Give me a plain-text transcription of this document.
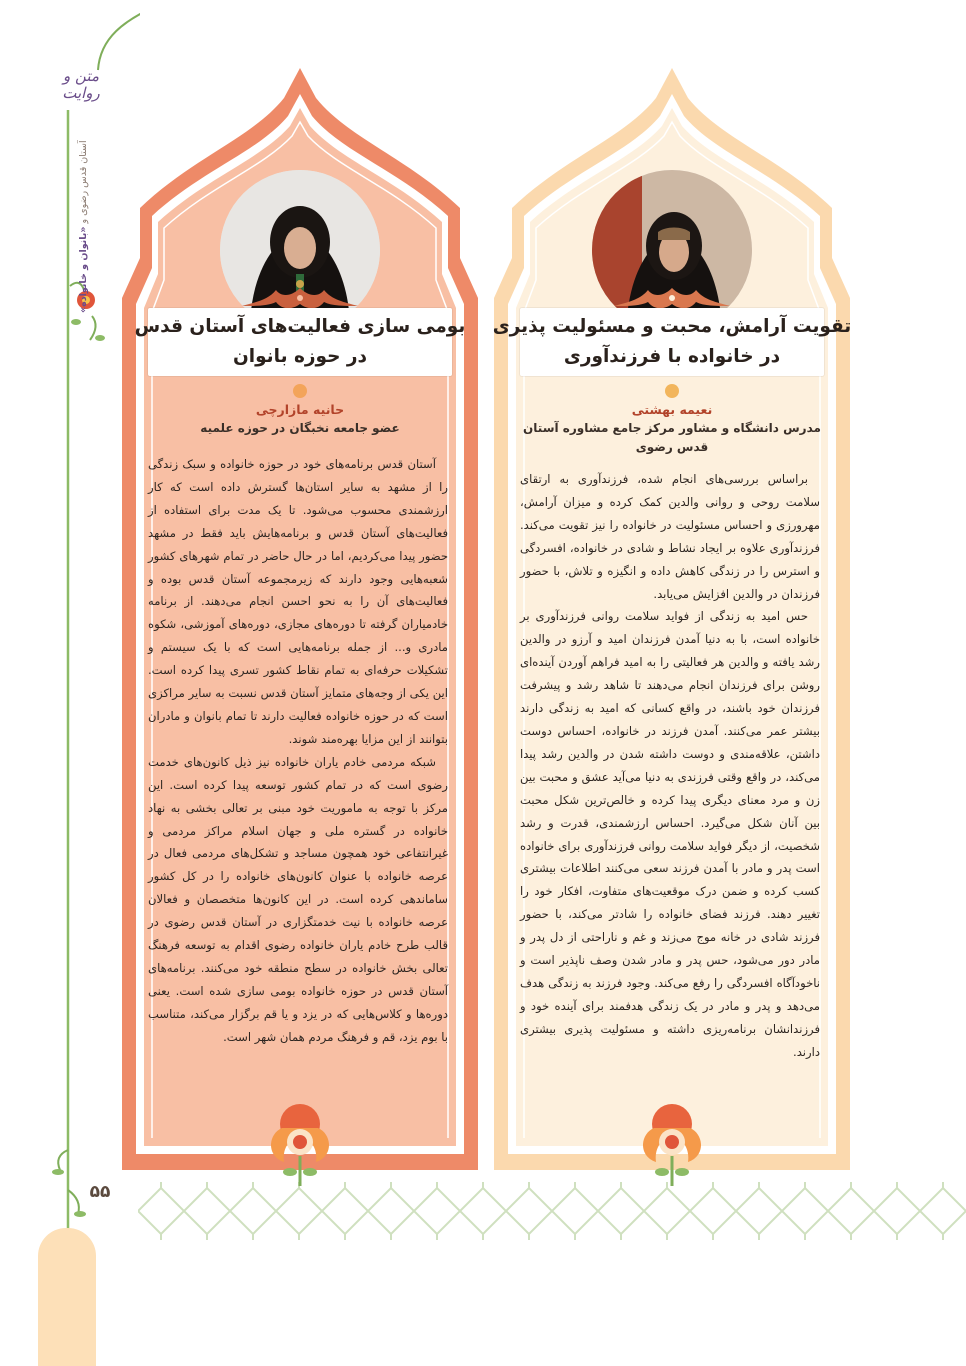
متن و روایت
آستان قدس رضوی و «بانوان و خانواده»
۵۵
بومی سازی فعالیت‌های آستان قدس
در حوزه بانوان
حانیه مازارچی
عضو جامعه نخبگان در حوزه علمیه

آستان قدس برنامه‌های خود در حوزه خانواده و سبک زندگی را از مشهد به سایر استان‌ها گسترش داده است که کار ارزشمندی محسوب می‌شود. تا یک مدت برای استفاده از فعالیت‌های آستان قدس و برنامه‌هایش باید فقط در مشهد حضور پیدا می‌کردیم، اما در حال حاضر در تمام شهرهای کشور شعبه‌هایی وجود دارند که زیرمجموعه آستان قدس بوده و فعالیت‌های آن را به نحو احسن انجام می‌دهند. از برنامه خادمیاران گرفته تا دوره‌های مجازی، دوره‌های آموزشی، شکوه مادری و... از جمله برنامه‌هایی است که با یک سیستم و تشکیلات حرفه‌ای به تمام نقاط کشور تسری پیدا کرده است. این یکی از وجه‌های متمایز آستان قدس نسبت به سایر مراکزی است که در حوزه خانواده فعالیت دارند تا تمام بانوان و مادران بتوانند از این مزایا بهره‌مند شوند.

شبکه مردمی خادم یاران خانواده نیز ذیل کانون‌های خدمت رضوی است که در تمام کشور توسعه پیدا کرده است. این مرکز با توجه به ماموریت خود مبنی بر تعالی بخشی به نهاد خانواده در گستره ملی و جهان اسلام مراکز مردمی و غیرانتفاعی خود همچون مساجد و تشکل‌های مردمی فعال در عرصه خانواده با عنوان کانون‌های خانواده را در کل کشور ساماندهی کرده است. در این کانون‌ها متخصصان و فعالان عرصه خانواده با نیت خدمتگزاری در آستان قدس رضوی در قالب طرح خادم یاران خانواده رضوی اقدام به توسعه فرهنگ تعالی بخش خانواده در سطح منطقه خود می‌کنند. برنامه‌های آستان قدس در حوزه خانواده بومی سازی شده است. یعنی دوره‌ها و کلاس‌هایی که در یزد و یا قم برگزار می‌کند، متناسب با بوم یزد، قم و فرهنگ مردم همان شهر است.

تقویت آرامش، محبت و مسئولیت پذیری
در خانواده با فرزندآوری
نعیمه بهشتی
مدرس دانشگاه و مشاور مرکز جامع مشاوره آستان قدس رضوی

براساس بررسی‌های انجام شده، فرزندآوری به ارتقای سلامت روحی و روانی والدین کمک کرده و میزان آرامش، مهرورزی و احساس مسئولیت در خانواده را نیز تقویت می‌کند. فرزندآوری علاوه بر ایجاد نشاط و شادی در خانواده، افسردگی و استرس را در زندگی کاهش داده و انگیزه و تلاش، با حضور فرزندان در والدین افزایش می‌یابد.

حس امید به زندگی از فواید سلامت روانی فرزندآوری بر خانواده است، با به دنیا آمدن فرزندان امید و آرزو در والدین رشد یافته و والدین هر فعالیتی را به امید فراهم آوردن آینده‌ای روشن برای فرزندان انجام می‌دهند تا شاهد رشد و پیشرفت فرزندان خود باشند، در واقع کسانی که امید به زندگی دارند بیشتر عمر می‌کنند. آمدن فرزند در خانواده، احساس دوست داشتن، علاقه‌مندی و دوست داشته شدن در والدین رشد پیدا می‌کند، در واقع وقتی فرزندی به دنیا می‌آید عشق و محبت بین زن و مرد معنای دیگری پیدا کرده و خالص‌ترین شکل محبت بین آنان شکل می‌گیرد. احساس ارزشمندی، قدرت و رشد شخصیت، از دیگر فواید سلامت روانی فرزندآوری برای خانواده است پدر و مادر با آمدن فرزند سعی می‌کنند اطلاعات بیشتری کسب کرده و ضمن درک موقعیت‌های متفاوت، افکار خود را تغییر دهند. فرزند فضای خانواده را شادتر می‌کند، با حضور فرزند شادی در خانه موج می‌زند و غم و ناراحتی از دل پدر و مادر دور می‌شود، حس پدر و مادر شدن وصف ناپذیر است و ناخودآگاه افسردگی را رفع می‌کند. وجود فرزند به زندگی هدف می‌دهد و پدر و مادر در یک زندگی هدفمند برای آینده خود و فرزندانشان برنامه‌ریزی داشته و مسئولیت پذیری بیشتری دارند.
